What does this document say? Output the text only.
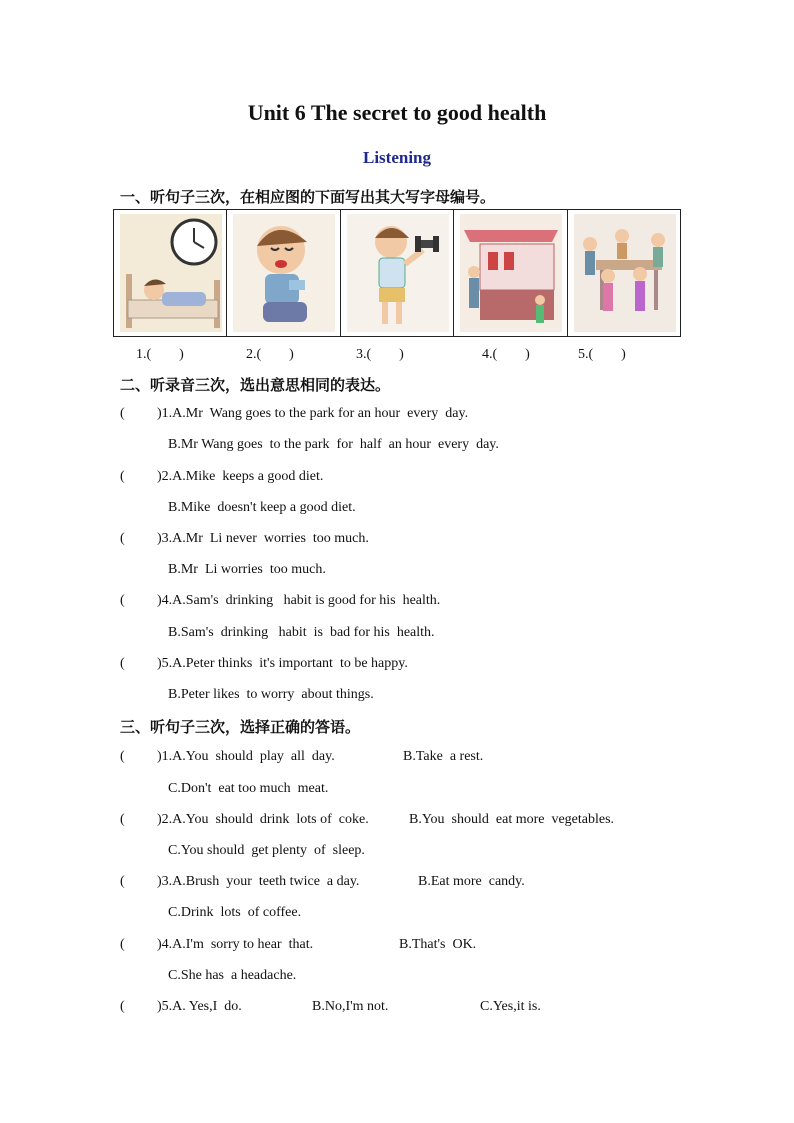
Unit 6 The secret to good health
Listening
一、听句子三次，在相应图的下面写出其大写字母编号。
1.(　　)	2.(　　)	3.(　　)	4.(　　)	5.(　　)
二、听录音三次，选出意思相同的表达。
( )1.A.Mr  Wang goes to the park for an hour  every  day.
B.Mr Wang goes  to the park  for  half  an hour  every  day.
( )2.A.Mike  keeps a good diet.
B.Mike  doesn't keep a good diet.
( )3.A.Mr  Li never  worries  too much.
B.Mr  Li worries  too much.
( )4.A.Sam's  drinking   habit is good for his  health.
B.Sam's  drinking   habit  is  bad for his  health.
( )5.A.Peter thinks  it's important  to be happy.
B.Peter likes  to worry  about things.
三、听句子三次，选择正确的答语。
( )1.A.You  should  play  all  day.	B.Take  a rest.
C.Don't  eat too much  meat.
( )2.A.You  should  drink  lots of  coke.	B.You  should  eat more  vegetables.
C.You should  get plenty  of  sleep.
( )3.A.Brush  your  teeth twice  a day.	B.Eat more  candy.
C.Drink  lots  of coffee.
( )4.A.I'm  sorry to hear  that.	B.That's  OK.
C.She has  a headache.
( )5.A. Yes,I  do.	B.No,I'm not.	C.Yes,it is.
